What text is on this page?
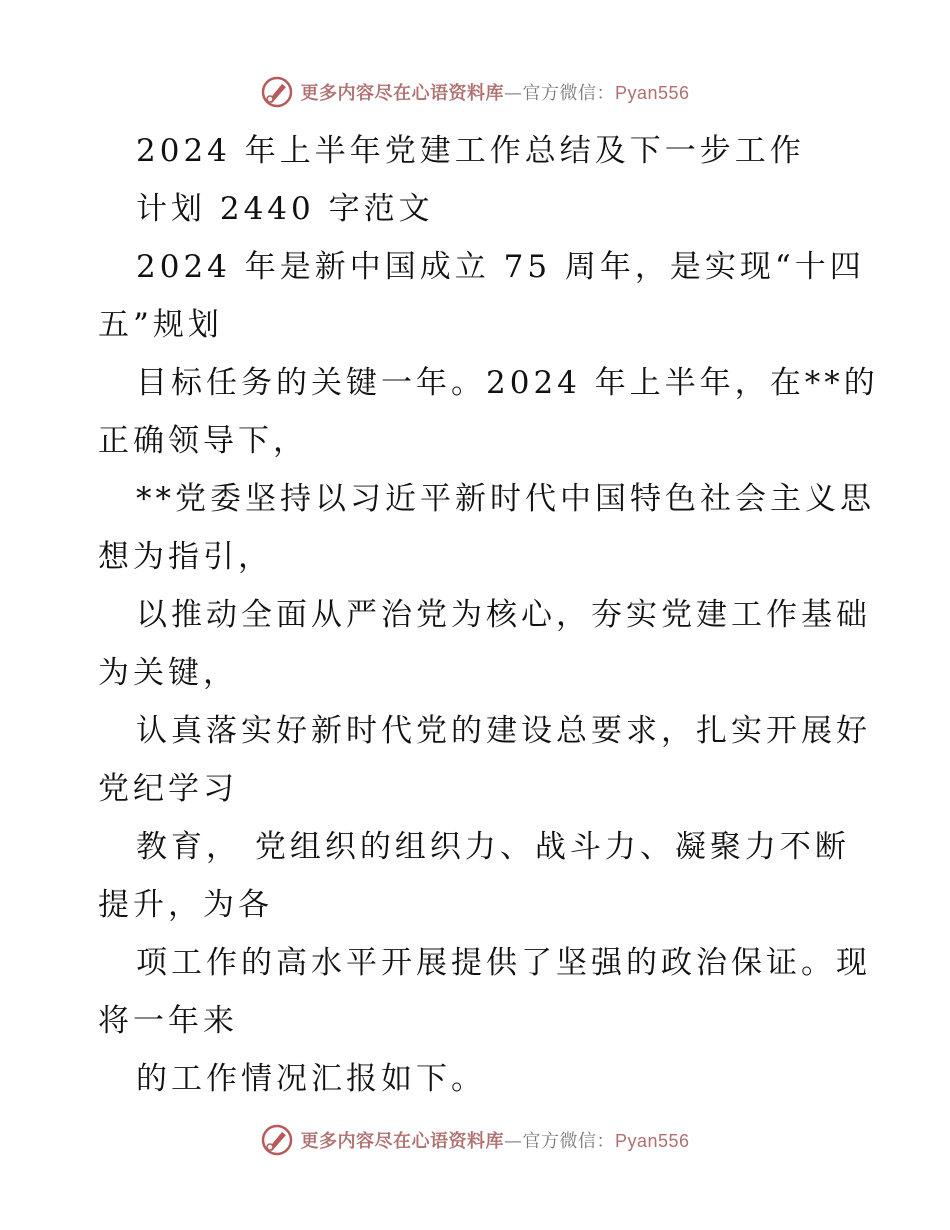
更多内容尽在心语资料库—官方微信：Pyan556
2024 年上半年党建工作总结及下一步工作
计划 2440 字范文
2024 年是新中国成立 75 周年，是实现“十四
五”规划
目标任务的关键一年。2024 年上半年，在**的
正确领导下，
**党委坚持以习近平新时代中国特色社会主义思
想为指引，
以推动全面从严治党为核心，夯实党建工作基础
为关键，
认真落实好新时代党的建设总要求，扎实开展好
党纪学习
教育， 党组织的组织力、战斗力、凝聚力不断
提升，为各
项工作的高水平开展提供了坚强的政治保证。现
将一年来
的工作情况汇报如下。
更多内容尽在心语资料库—官方微信：Pyan556
